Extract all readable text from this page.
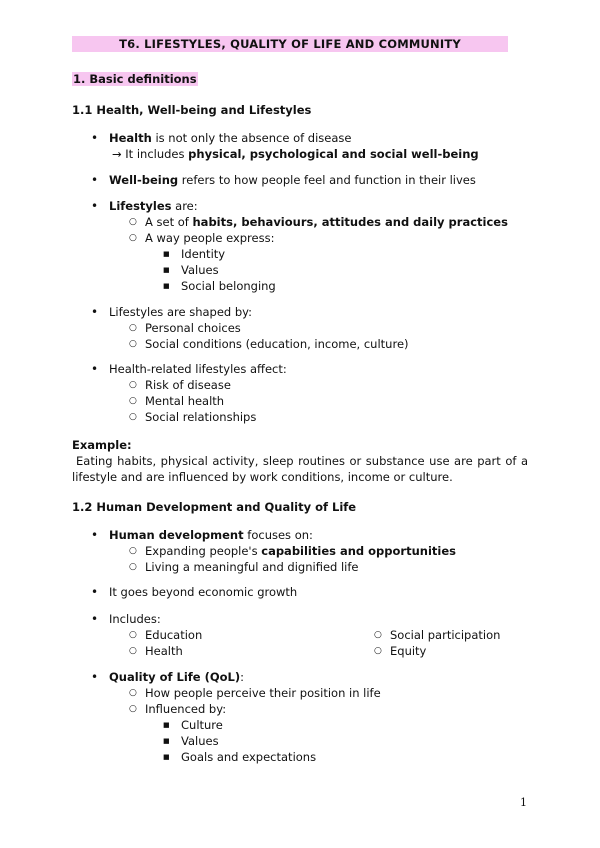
T6. LIFESTYLES, QUALITY OF LIFE AND COMMUNITY
1. Basic definitions
1.1 Health, Well-being and Lifestyles
• Health is not only the absence of disease
→ It includes physical, psychological and social well-being
• Well-being refers to how people feel and function in their lives
• Lifestyles are:
○ A set of habits, behaviours, attitudes and daily practices
○ A way people express:
■ Identity
■ Values
■ Social belonging
• Lifestyles are shaped by:
○ Personal choices
○ Social conditions (education, income, culture)
• Health-related lifestyles affect:
○ Risk of disease
○ Mental health
○ Social relationships
Example:
Eating habits, physical activity, sleep routines or substance use are part of a
lifestyle and are influenced by work conditions, income or culture.
1.2 Human Development and Quality of Life
• Human development focuses on:
○ Expanding people's capabilities and opportunities
○ Living a meaningful and dignified life
• It goes beyond economic growth
• Includes:
○ Education
○ Health
○ Social participation
○ Equity
• Quality of Life (QoL):
○ How people perceive their position in life
○ Influenced by:
■ Culture
■ Values
■ Goals and expectations
1
